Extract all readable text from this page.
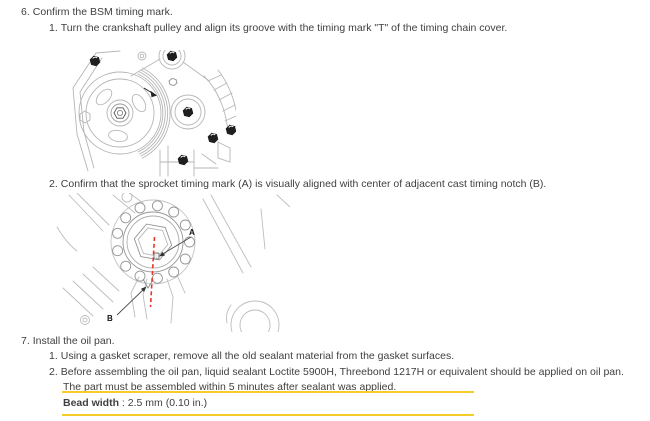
6. Confirm the BSM timing mark.
1. Turn the crankshaft pulley and align its groove with the timing mark "T" of the timing chain cover.
2. Confirm that the sprocket timing mark (A) is visually aligned with center of adjacent cast timing notch (B).
A
B
7. Install the oil pan.
1. Using a gasket scraper, remove all the old sealant material from the gasket surfaces.
2. Before assembling the oil pan, liquid sealant Loctite 5900H, Threebond 1217H or equivalent should be applied on oil pan.
The part must be assembled within 5 minutes after sealant was applied.
Bead width : 2.5 mm (0.10 in.)
